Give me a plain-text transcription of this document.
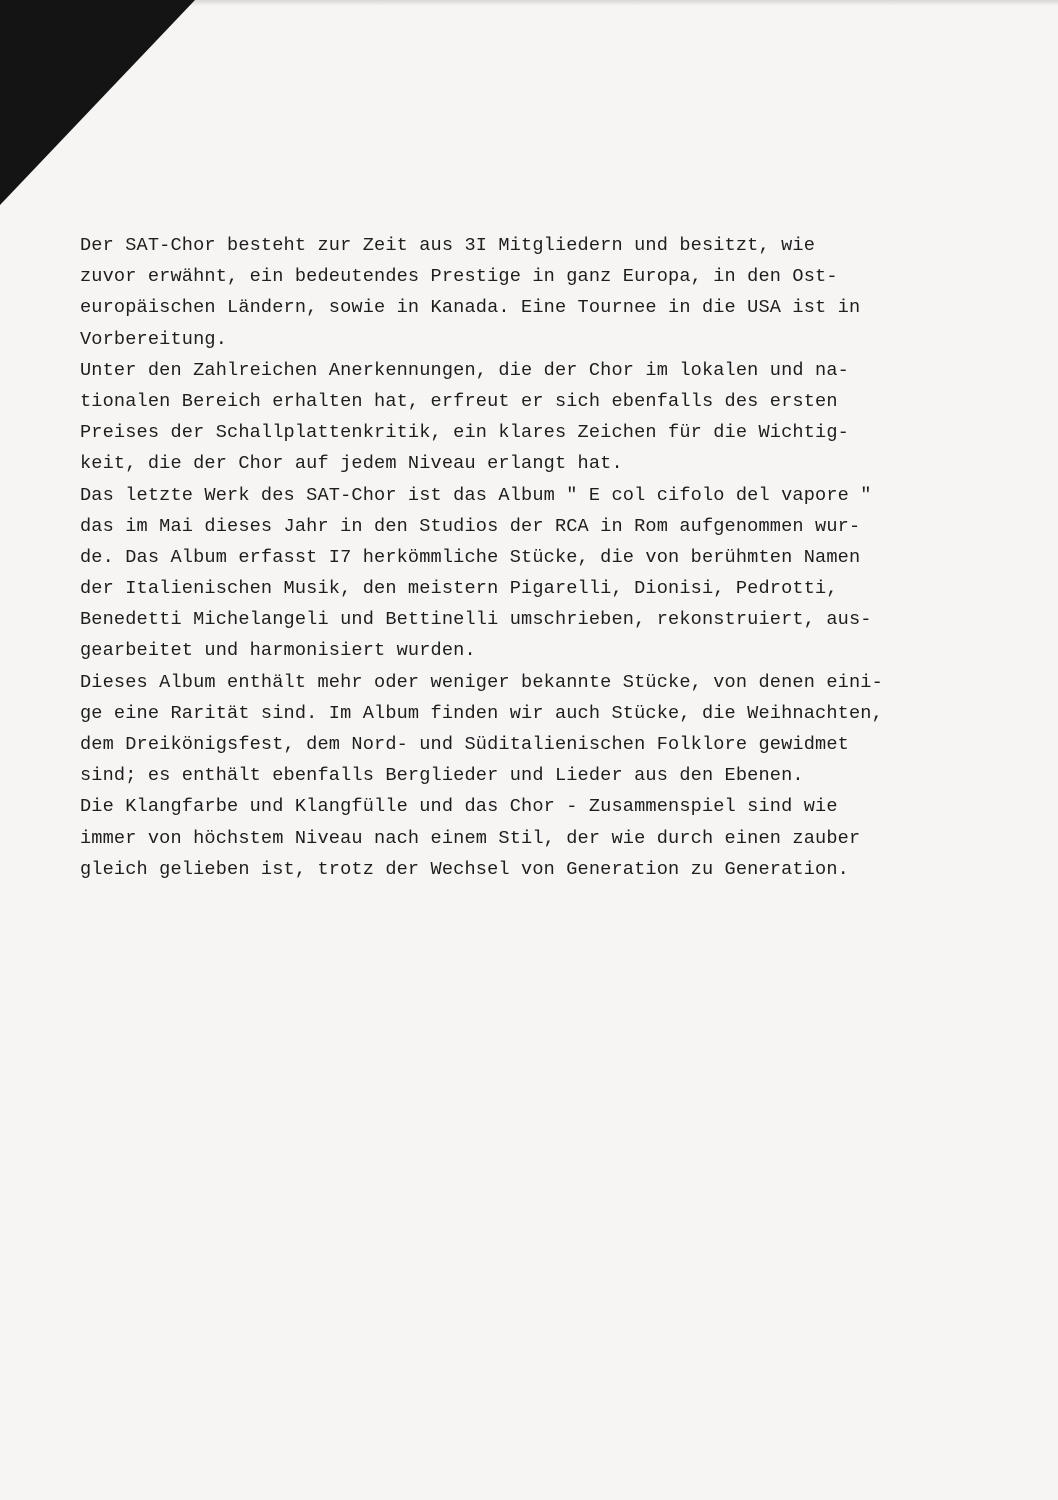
Der SAT-Chor besteht zur Zeit aus 3I Mitgliedern und besitzt, wie
zuvor erwähnt, ein bedeutendes Prestige in ganz Europa, in den Ost-
europäischen Ländern, sowie in Kanada. Eine Tournee in die USA ist in
Vorbereitung.
Unter den Zahlreichen Anerkennungen, die der Chor im lokalen und na-
tionalen Bereich erhalten hat, erfreut er sich ebenfalls des ersten
Preises der Schallplattenkritik, ein klares Zeichen für die Wichtig-
keit, die der Chor auf jedem Niveau erlangt hat.
Das letzte Werk des SAT-Chor ist das Album " E col cifolo del vapore "
das im Mai dieses Jahr in den Studios der RCA in Rom aufgenommen wur-
de. Das Album erfasst I7 herkömmliche Stücke, die von berühmten Namen
der Italienischen Musik, den meistern Pigarelli, Dionisi, Pedrotti,
Benedetti Michelangeli und Bettinelli umschrieben, rekonstruiert, aus-
gearbeitet und harmonisiert wurden.
Dieses Album enthält mehr oder weniger bekannte Stücke, von denen eini-
ge eine Rarität sind. Im Album finden wir auch Stücke, die Weihnachten,
dem Dreikönigsfest, dem Nord- und Süditalienischen Folklore gewidmet
sind; es enthält ebenfalls Berglieder und Lieder aus den Ebenen.
Die Klangfarbe und Klangfülle und das Chor - Zusammenspiel sind wie
immer von höchstem Niveau nach einem Stil, der wie durch einen zauber
gleich gelieben ist, trotz der Wechsel von Generation zu Generation.
